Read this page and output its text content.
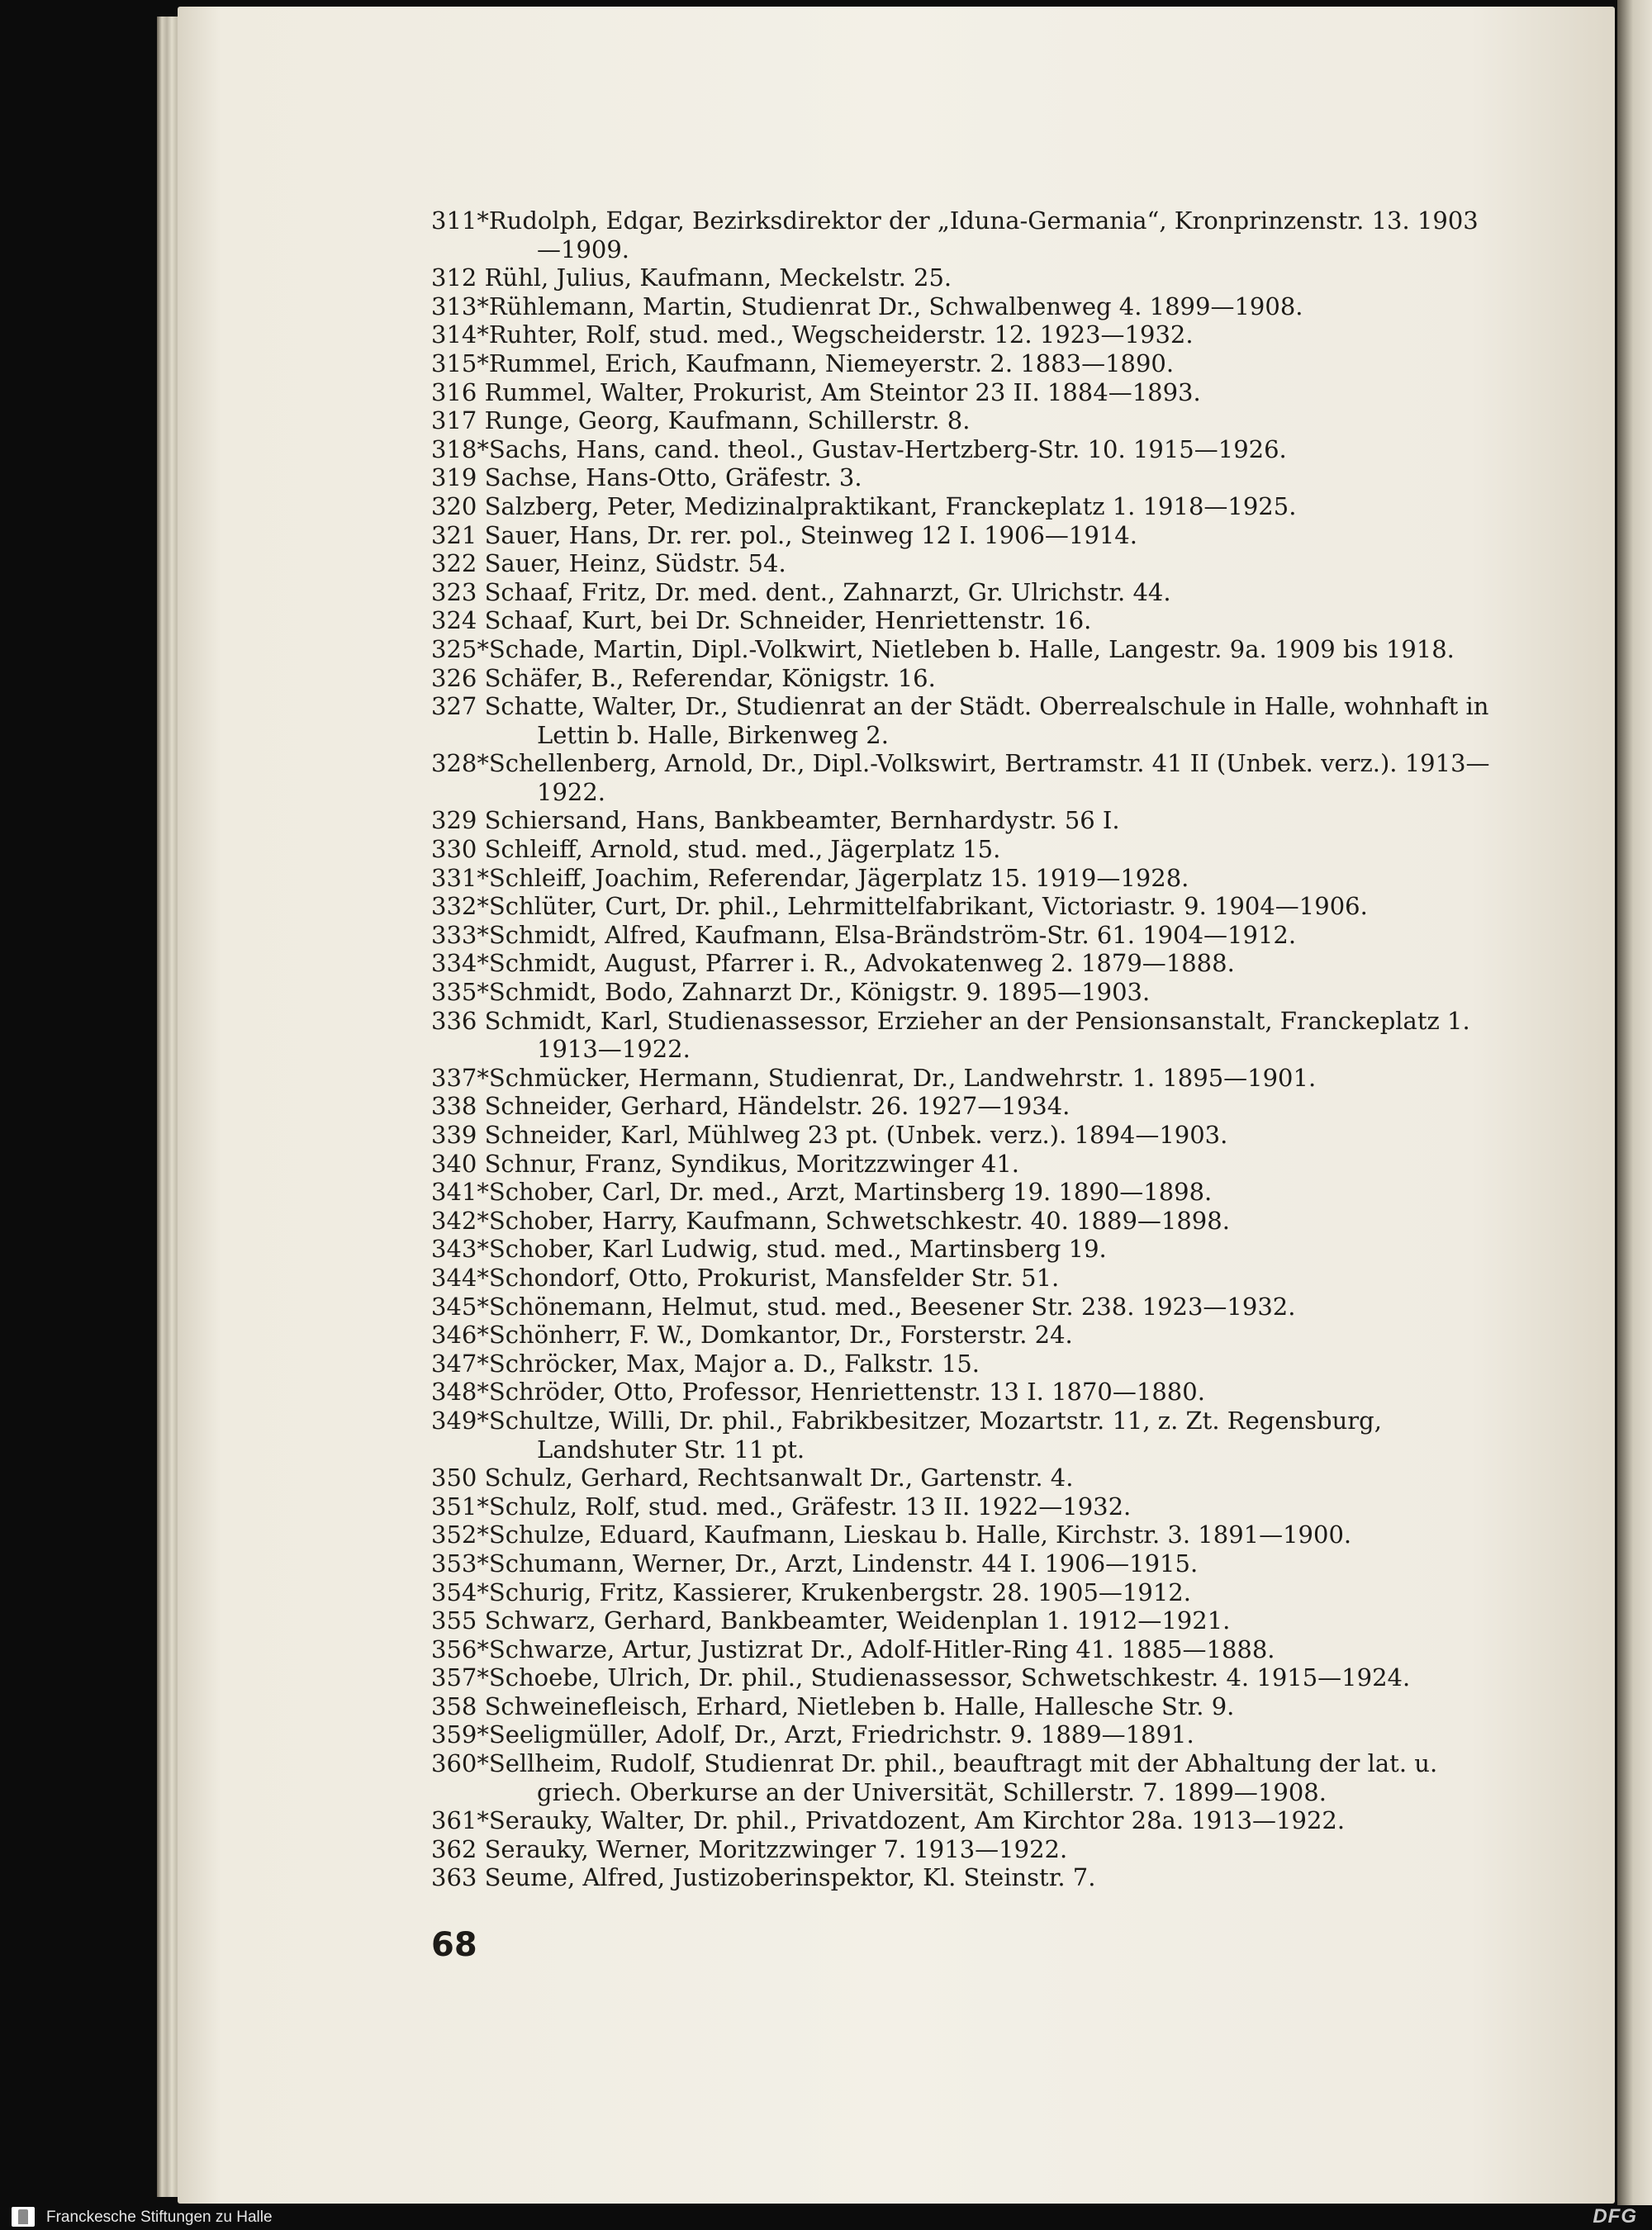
311*Rudolph, Edgar, Bezirksdirektor der „Iduna-Germania“, Kronprinzenstr. 13. 1903—1909.
312 Rühl, Julius, Kaufmann, Meckelstr. 25.
313*Rühlemann, Martin, Studienrat Dr., Schwalbenweg 4. 1899—1908.
314*Ruhter, Rolf, stud. med., Wegscheiderstr. 12. 1923—1932.
315*Rummel, Erich, Kaufmann, Niemeyerstr. 2. 1883—1890.
316 Rummel, Walter, Prokurist, Am Steintor 23 II. 1884—1893.
317 Runge, Georg, Kaufmann, Schillerstr. 8.
318*Sachs, Hans, cand. theol., Gustav-Hertzberg-Str. 10. 1915—1926.
319 Sachse, Hans-Otto, Gräfestr. 3.
320 Salzberg, Peter, Medizinalpraktikant, Franckeplatz 1. 1918—1925.
321 Sauer, Hans, Dr. rer. pol., Steinweg 12 I. 1906—1914.
322 Sauer, Heinz, Südstr. 54.
323 Schaaf, Fritz, Dr. med. dent., Zahnarzt, Gr. Ulrichstr. 44.
324 Schaaf, Kurt, bei Dr. Schneider, Henriettenstr. 16.
325*Schade, Martin, Dipl.-Volkwirt, Nietleben b. Halle, Langestr. 9a. 1909 bis 1918.
326 Schäfer, B., Referendar, Königstr. 16.
327 Schatte, Walter, Dr., Studienrat an der Städt. Oberrealschule in Halle, wohnhaft in Lettin b. Halle, Birkenweg 2.
328*Schellenberg, Arnold, Dr., Dipl.-Volkswirt, Bertramstr. 41 II (Unbek. verz.). 1913—1922.
329 Schiersand, Hans, Bankbeamter, Bernhardystr. 56 I.
330 Schleiff, Arnold, stud. med., Jägerplatz 15.
331*Schleiff, Joachim, Referendar, Jägerplatz 15. 1919—1928.
332*Schlüter, Curt, Dr. phil., Lehrmittelfabrikant, Victoriastr. 9. 1904—1906.
333*Schmidt, Alfred, Kaufmann, Elsa-Brändström-Str. 61. 1904—1912.
334*Schmidt, August, Pfarrer i. R., Advokatenweg 2. 1879—1888.
335*Schmidt, Bodo, Zahnarzt Dr., Königstr. 9. 1895—1903.
336 Schmidt, Karl, Studienassessor, Erzieher an der Pensionsanstalt, Franckeplatz 1. 1913—1922.
337*Schmücker, Hermann, Studienrat, Dr., Landwehrstr. 1. 1895—1901.
338 Schneider, Gerhard, Händelstr. 26. 1927—1934.
339 Schneider, Karl, Mühlweg 23 pt. (Unbek. verz.). 1894—1903.
340 Schnur, Franz, Syndikus, Moritzzwinger 41.
341*Schober, Carl, Dr. med., Arzt, Martinsberg 19. 1890—1898.
342*Schober, Harry, Kaufmann, Schwetschkestr. 40. 1889—1898.
343*Schober, Karl Ludwig, stud. med., Martinsberg 19.
344*Schondorf, Otto, Prokurist, Mansfelder Str. 51.
345*Schönemann, Helmut, stud. med., Beesener Str. 238. 1923—1932.
346*Schönherr, F. W., Domkantor, Dr., Forsterstr. 24.
347*Schröcker, Max, Major a. D., Falkstr. 15.
348*Schröder, Otto, Professor, Henriettenstr. 13 I. 1870—1880.
349*Schultze, Willi, Dr. phil., Fabrikbesitzer, Mozartstr. 11, z. Zt. Regensburg, Landshuter Str. 11 pt.
350 Schulz, Gerhard, Rechtsanwalt Dr., Gartenstr. 4.
351*Schulz, Rolf, stud. med., Gräfestr. 13 II. 1922—1932.
352*Schulze, Eduard, Kaufmann, Lieskau b. Halle, Kirchstr. 3. 1891—1900.
353*Schumann, Werner, Dr., Arzt, Lindenstr. 44 I. 1906—1915.
354*Schurig, Fritz, Kassierer, Krukenbergstr. 28. 1905—1912.
355 Schwarz, Gerhard, Bankbeamter, Weidenplan 1. 1912—1921.
356*Schwarze, Artur, Justizrat Dr., Adolf-Hitler-Ring 41. 1885—1888.
357*Schoebe, Ulrich, Dr. phil., Studienassessor, Schwetschkestr. 4. 1915—1924.
358 Schweinefleisch, Erhard, Nietleben b. Halle, Hallesche Str. 9.
359*Seeligmüller, Adolf, Dr., Arzt, Friedrichstr. 9. 1889—1891.
360*Sellheim, Rudolf, Studienrat Dr. phil., beauftragt mit der Abhaltung der lat. u. griech. Oberkurse an der Universität, Schillerstr. 7. 1899—1908.
361*Serauky, Walter, Dr. phil., Privatdozent, Am Kirchtor 28a. 1913—1922.
362 Serauky, Werner, Moritzzwinger 7. 1913—1922.
363 Seume, Alfred, Justizoberinspektor, Kl. Steinstr. 7.
68
Franckesche Stiftungen zu Halle	DFG
